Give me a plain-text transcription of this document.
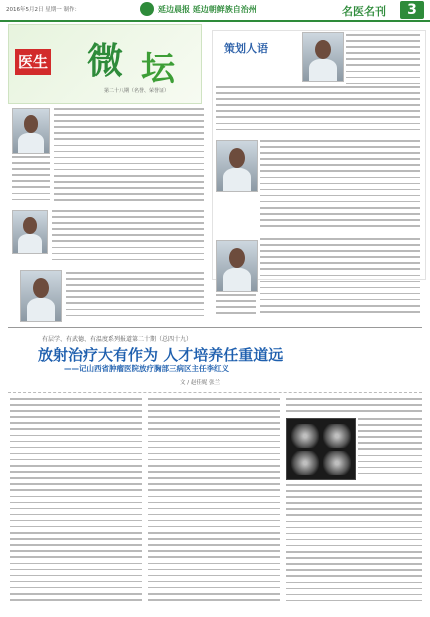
2016年5月2日 星期一 制作：	延边晨报 延边朝鲜族自治州	名医名刊	3
医生 微 坛
第二十八期（名誉、荣誉证）
策划人语
有层学、有武德、有温度系列报道第二十期（总四十九）
放射治疗大有作为 人才培养任重道远
——记山西省肿瘤医院放疗胸部三病区主任李红义
文 / 赵佳妮 张兰
